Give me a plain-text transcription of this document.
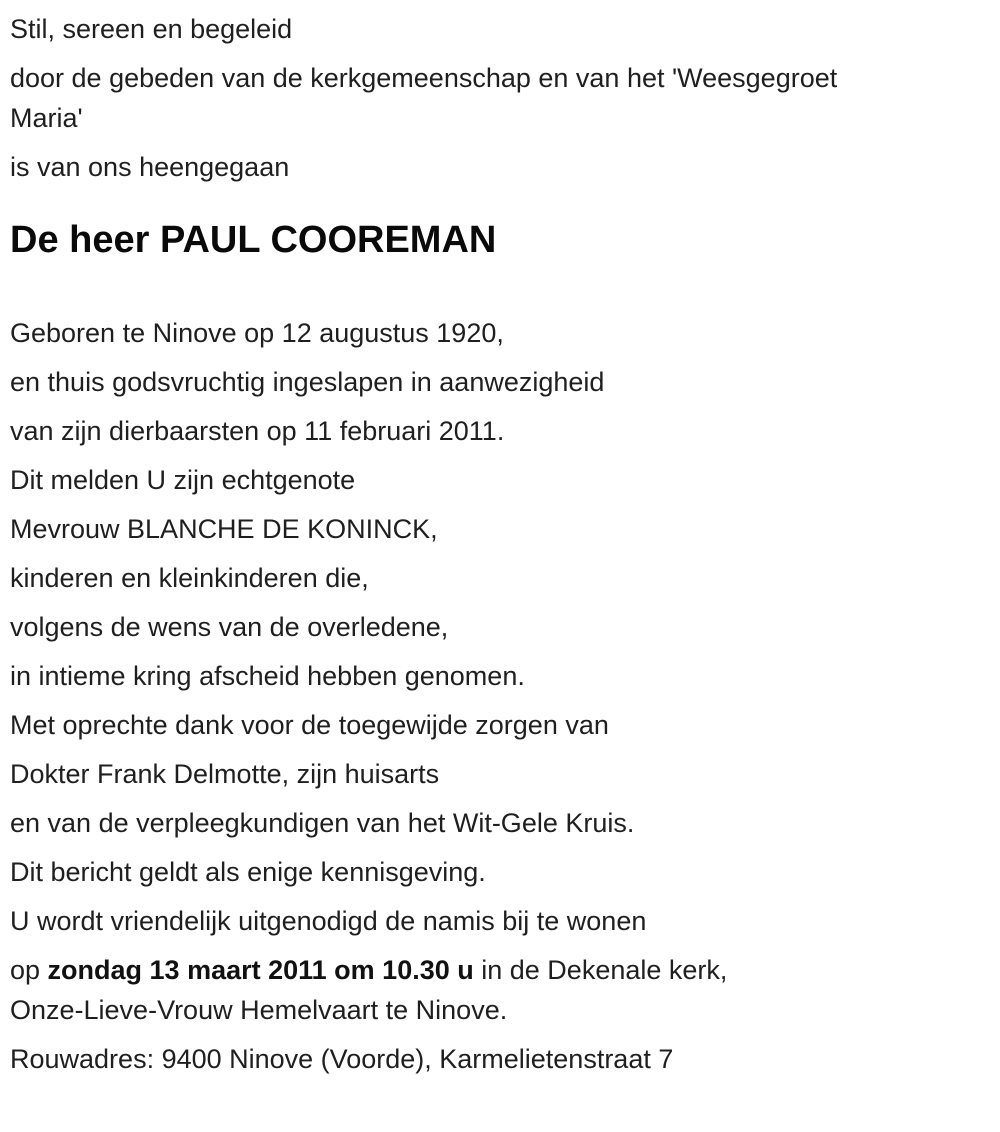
Stil, sereen en begeleid

door de gebeden van de kerkgemeenschap en van het 'Weesgegroet
Maria'

is van ons heengegaan

De heer PAUL COOREMAN

Geboren te Ninove op 12 augustus 1920,

en thuis godsvruchtig ingeslapen in aanwezigheid

van zijn dierbaarsten op 11 februari 2011.

Dit melden U zijn echtgenote

Mevrouw BLANCHE DE KONINCK,

kinderen en kleinkinderen die,

volgens de wens van de overledene,

in intieme kring afscheid hebben genomen.

Met oprechte dank voor de toegewijde zorgen van

Dokter Frank Delmotte, zijn huisarts

en van de verpleegkundigen van het Wit-Gele Kruis.

Dit bericht geldt als enige kennisgeving.

U wordt vriendelijk uitgenodigd de namis bij te wonen

op zondag 13 maart 2011 om 10.30 u in de Dekenale kerk,
Onze-Lieve-Vrouw Hemelvaart te Ninove.

Rouwadres: 9400 Ninove (Voorde), Karmelietenstraat 7
